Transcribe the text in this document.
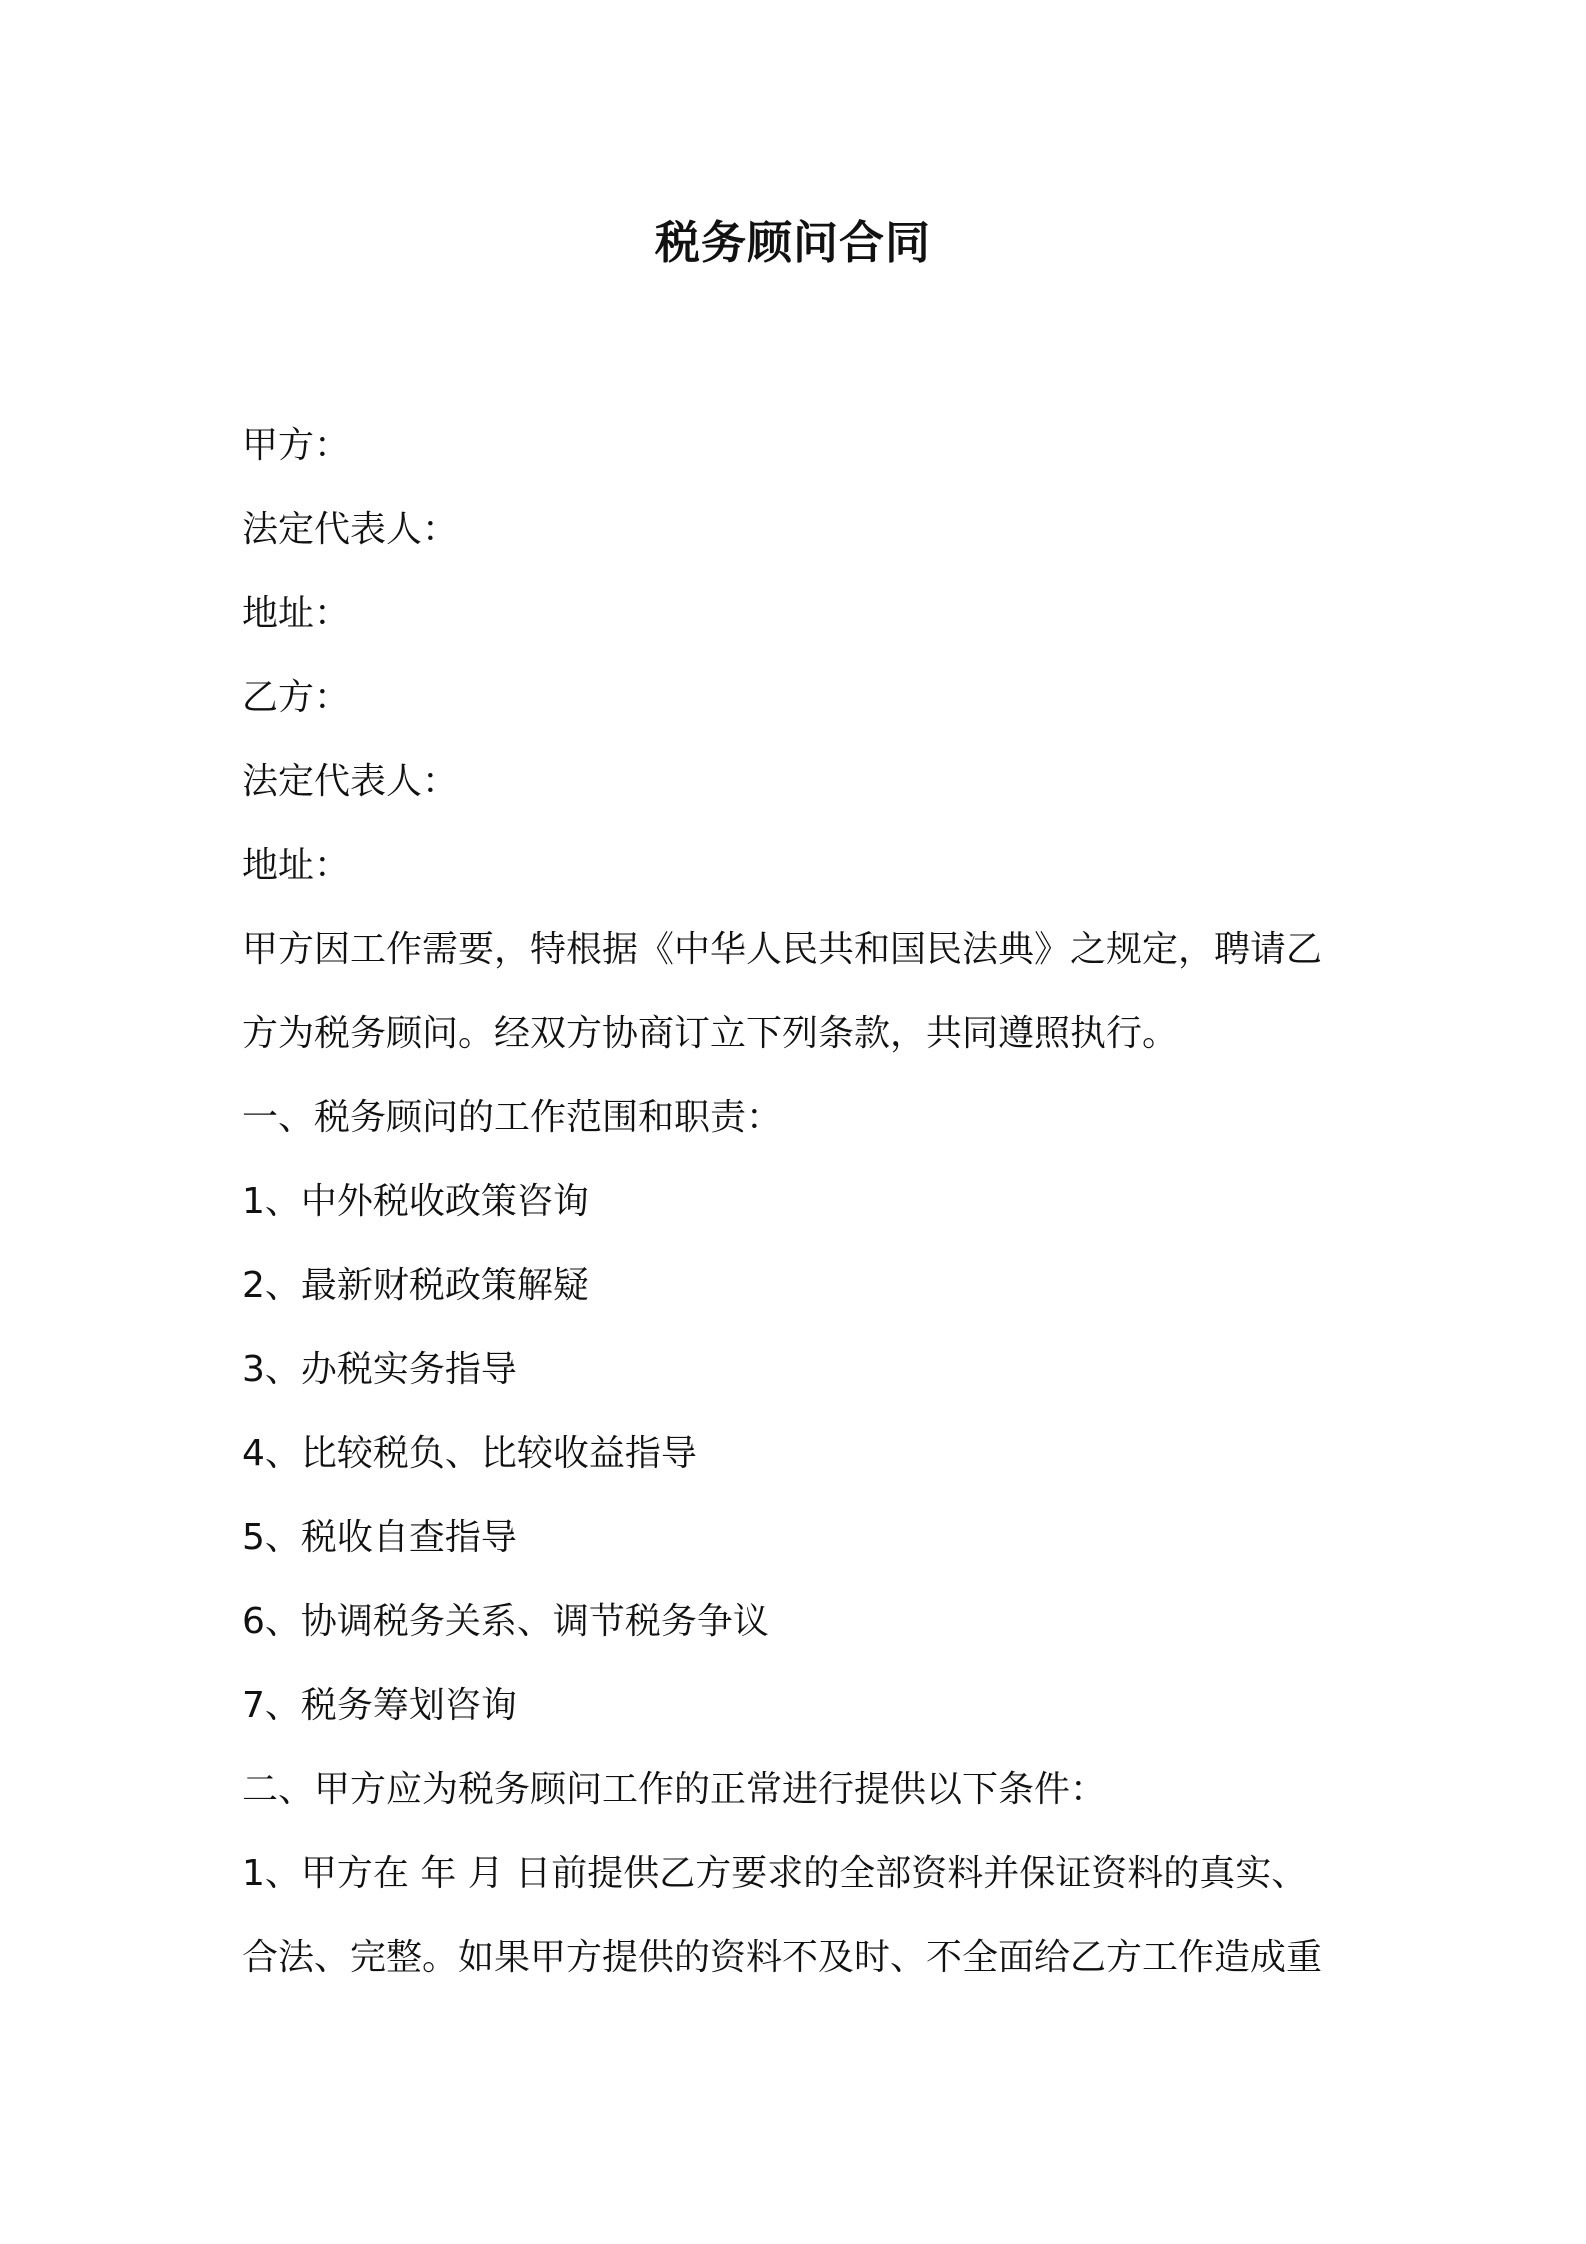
税务顾问合同

甲方：

法定代表人：

地址：

乙方：

法定代表人：

地址：

甲方因工作需要，特根据《中华人民共和国民法典》之规定，聘请乙

方为税务顾问。经双方协商订立下列条款，共同遵照执行。

一、税务顾问的工作范围和职责：

1、中外税收政策咨询

2、最新财税政策解疑

3、办税实务指导

4、比较税负、比较收益指导

5、税收自查指导

6、协调税务关系、调节税务争议

7、税务筹划咨询

二、甲方应为税务顾问工作的正常进行提供以下条件：

1、甲方在 年 月 日前提供乙方要求的全部资料并保证资料的真实、

合法、完整。如果甲方提供的资料不及时、不全面给乙方工作造成重
